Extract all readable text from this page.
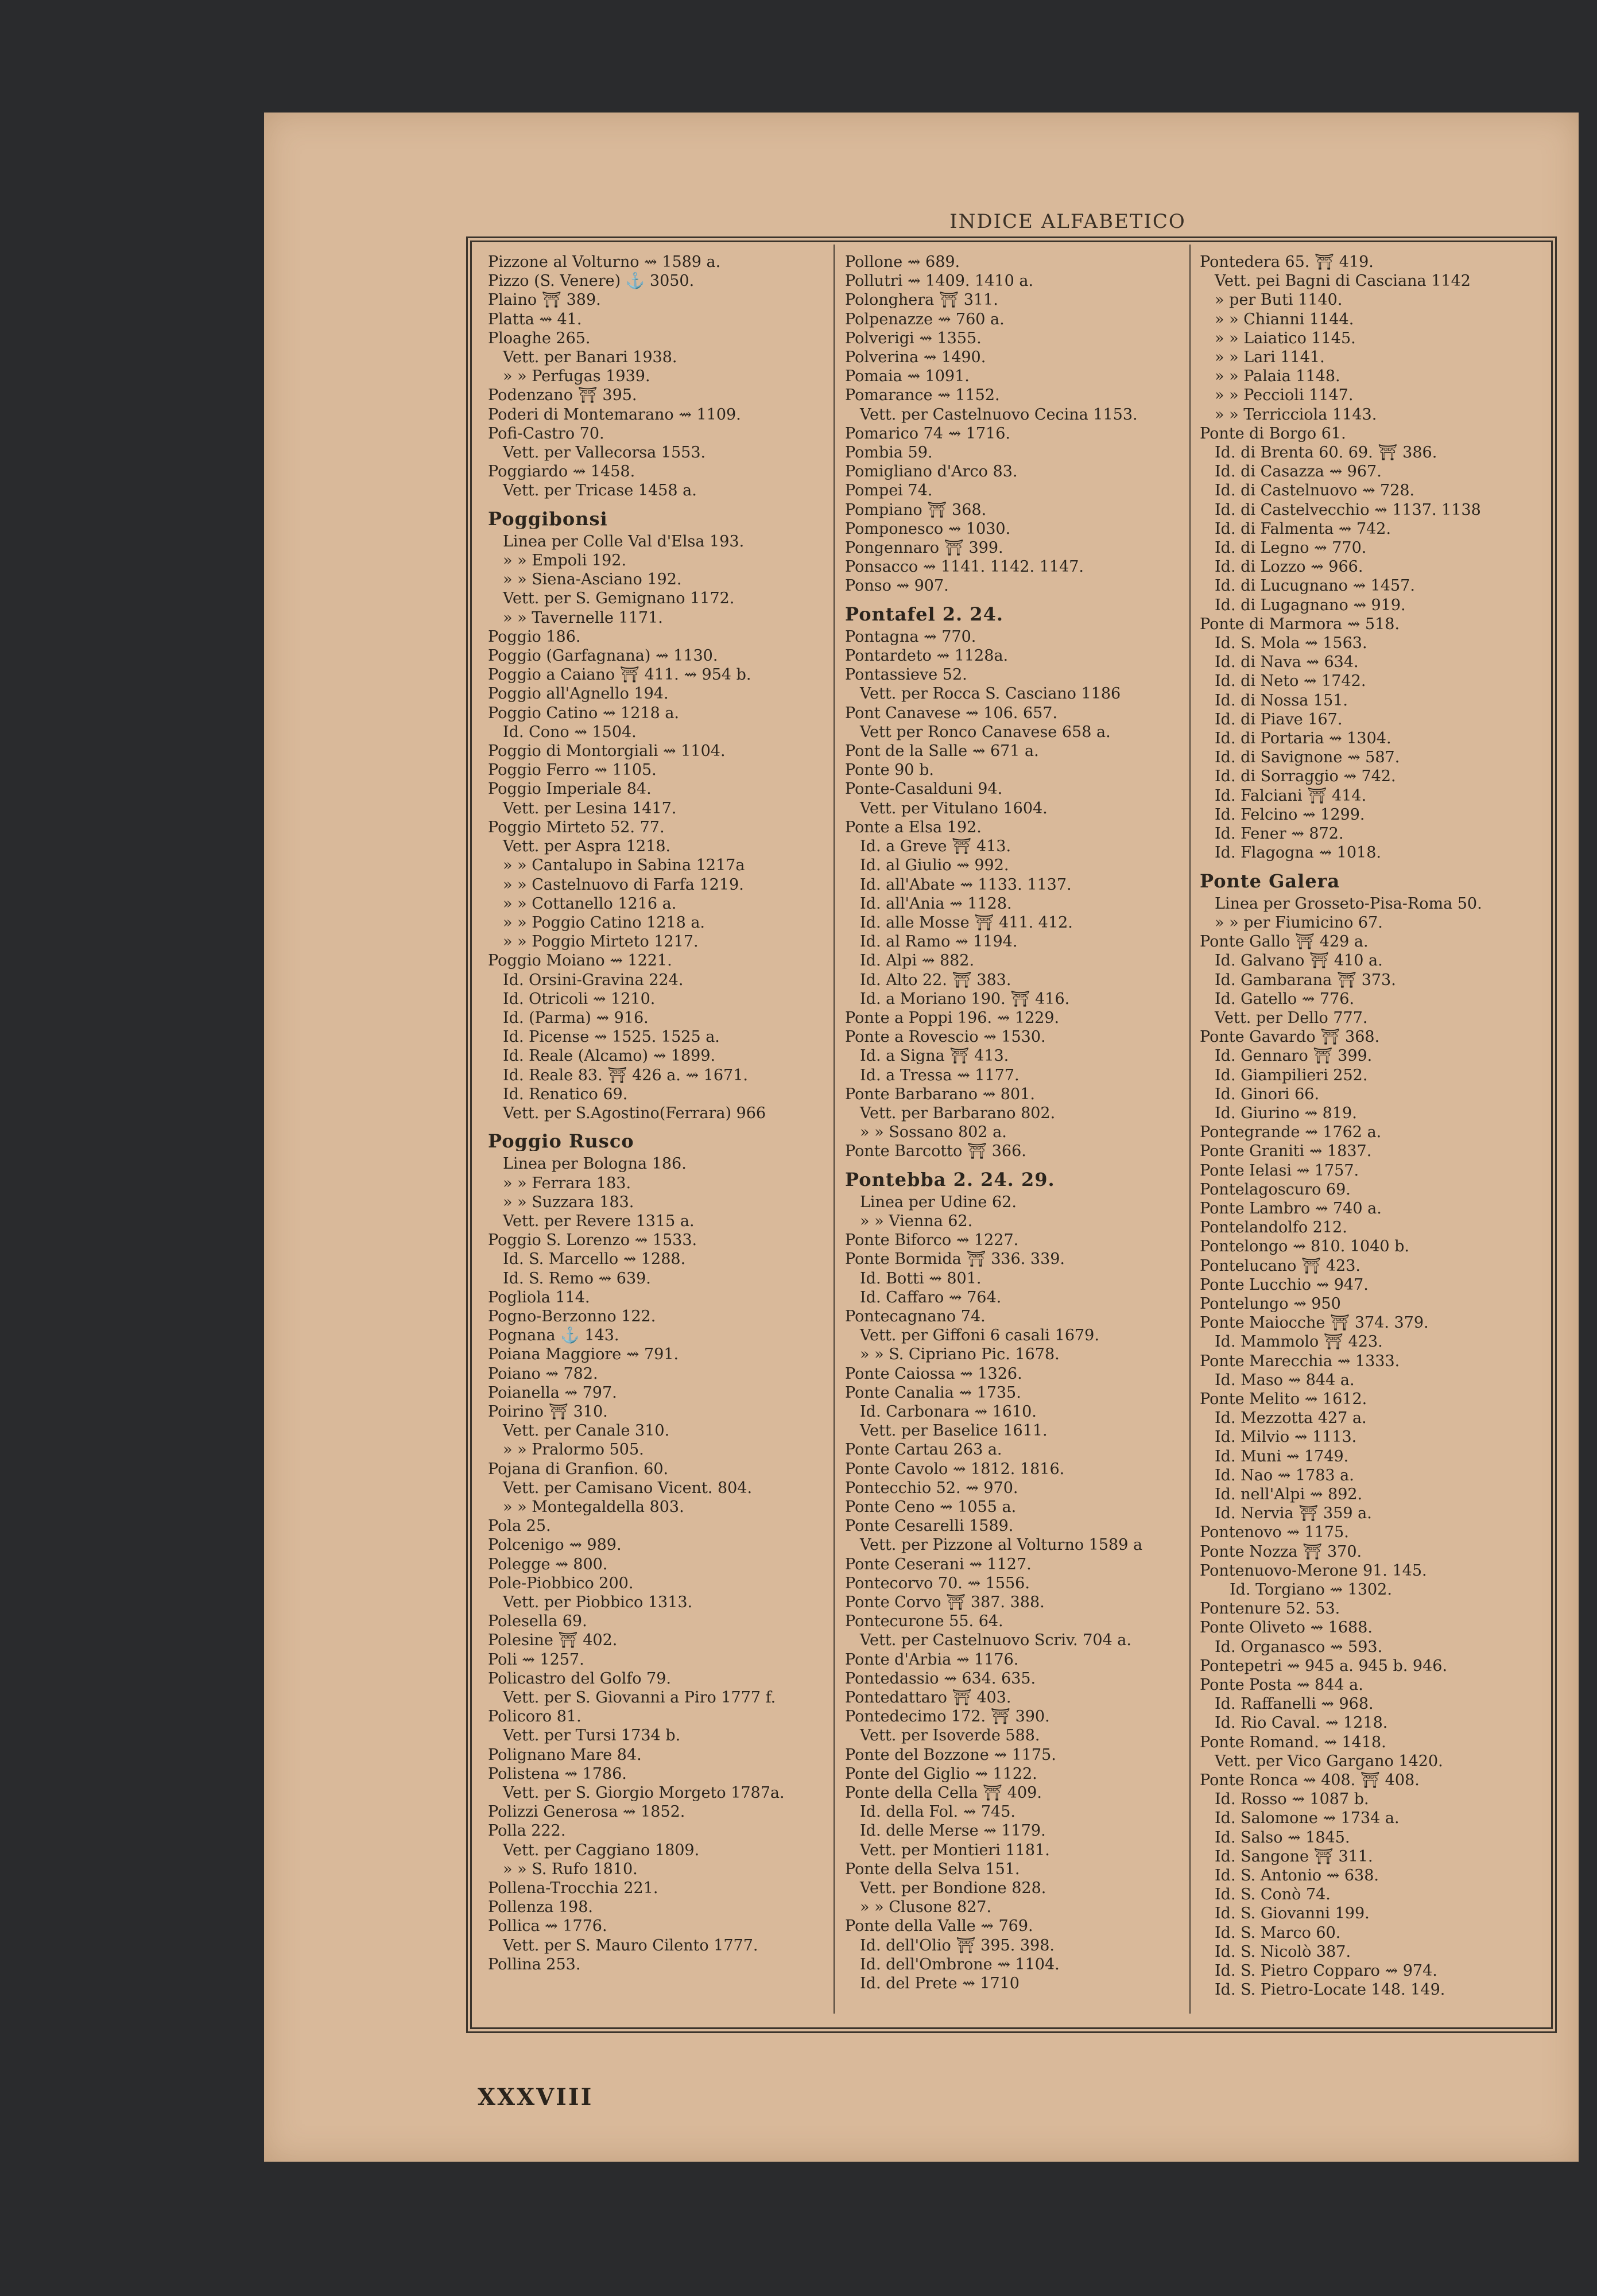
INDICE ALFABETICO
Pizzone al Volturno ⇝ 1589 a.
Pizzo (S. Venere) ⚓ 3050.
Plaino ⛩ 389.
Platta ⇝ 41.
Ploaghe 265.
Vett. per Banari 1938.
» » Perfugas 1939.
Podenzano ⛩ 395.
Poderi di Montemarano ⇝ 1109.
Pofi-Castro 70.
Vett. per Vallecorsa 1553.
Poggiardo ⇝ 1458.
Vett. per Tricase 1458 a.
Poggibonsi
Linea per Colle Val d'Elsa 193.
» » Empoli 192.
» » Siena-Asciano 192.
Vett. per S. Gemignano 1172.
» » Tavernelle 1171.
Poggio 186.
Poggio (Garfagnana) ⇝ 1130.
Poggio a Caiano ⛩ 411. ⇝ 954 b.
Poggio all'Agnello 194.
Poggio Catino ⇝ 1218 a.
Id. Cono ⇝ 1504.
Poggio di Montorgiali ⇝ 1104.
Poggio Ferro ⇝ 1105.
Poggio Imperiale 84.
Vett. per Lesina 1417.
Poggio Mirteto 52. 77.
Vett. per Aspra 1218.
» » Cantalupo in Sabina 1217a
» » Castelnuovo di Farfa 1219.
» » Cottanello 1216 a.
» » Poggio Catino 1218 a.
» » Poggio Mirteto 1217.
Poggio Moiano ⇝ 1221.
Id. Orsini-Gravina 224.
Id. Otricoli ⇝ 1210.
Id. (Parma) ⇝ 916.
Id. Picense ⇝ 1525. 1525 a.
Id. Reale (Alcamo) ⇝ 1899.
Id. Reale 83. ⛩ 426 a. ⇝ 1671.
Id. Renatico 69.
Vett. per S.Agostino(Ferrara) 966
Poggio Rusco
Linea per Bologna 186.
» » Ferrara 183.
» » Suzzara 183.
Vett. per Revere 1315 a.
Poggio S. Lorenzo ⇝ 1533.
Id. S. Marcello ⇝ 1288.
Id. S. Remo ⇝ 639.
Pogliola 114.
Pogno-Berzonno 122.
Pognana ⚓ 143.
Poiana Maggiore ⇝ 791.
Poiano ⇝ 782.
Poianella ⇝ 797.
Poirino ⛩ 310.
Vett. per Canale 310.
» » Pralormo 505.
Pojana di Granfion. 60.
Vett. per Camisano Vicent. 804.
» » Montegaldella 803.
Pola 25.
Polcenigo ⇝ 989.
Polegge ⇝ 800.
Pole-Piobbico 200.
Vett. per Piobbico 1313.
Polesella 69.
Polesine ⛩ 402.
Poli ⇝ 1257.
Policastro del Golfo 79.
Vett. per S. Giovanni a Piro 1777 f.
Policoro 81.
Vett. per Tursi 1734 b.
Polignano Mare 84.
Polistena ⇝ 1786.
Vett. per S. Giorgio Morgeto 1787a.
Polizzi Generosa ⇝ 1852.
Polla 222.
Vett. per Caggiano 1809.
» » S. Rufo 1810.
Pollena-Trocchia 221.
Pollenza 198.
Pollica ⇝ 1776.
Vett. per S. Mauro Cilento 1777.
Pollina 253.
Pollone ⇝ 689.
Pollutri ⇝ 1409. 1410 a.
Polonghera ⛩ 311.
Polpenazze ⇝ 760 a.
Polverigi ⇝ 1355.
Polverina ⇝ 1490.
Pomaia ⇝ 1091.
Pomarance ⇝ 1152.
Vett. per Castelnuovo Cecina 1153.
Pomarico 74 ⇝ 1716.
Pombia 59.
Pomigliano d'Arco 83.
Pompei 74.
Pompiano ⛩ 368.
Pomponesco ⇝ 1030.
Pongennaro ⛩ 399.
Ponsacco ⇝ 1141. 1142. 1147.
Ponso ⇝ 907.
Pontafel 2. 24.
Pontagna ⇝ 770.
Pontardeto ⇝ 1128a.
Pontassieve 52.
Vett. per Rocca S. Casciano 1186
Pont Canavese ⇝ 106. 657.
Vett per Ronco Canavese 658 a.
Pont de la Salle ⇝ 671 a.
Ponte 90 b.
Ponte-Casalduni 94.
Vett. per Vitulano 1604.
Ponte a Elsa 192.
Id. a Greve ⛩ 413.
Id. al Giulio ⇝ 992.
Id. all'Abate ⇝ 1133. 1137.
Id. all'Ania ⇝ 1128.
Id. alle Mosse ⛩ 411. 412.
Id. al Ramo ⇝ 1194.
Id. Alpi ⇝ 882.
Id. Alto 22. ⛩ 383.
Id. a Moriano 190. ⛩ 416.
Ponte a Poppi 196. ⇝ 1229.
Ponte a Rovescio ⇝ 1530.
Id. a Signa ⛩ 413.
Id. a Tressa ⇝ 1177.
Ponte Barbarano ⇝ 801.
Vett. per Barbarano 802.
» » Sossano 802 a.
Ponte Barcotto ⛩ 366.
Pontebba 2. 24. 29.
Linea per Udine 62.
» » Vienna 62.
Ponte Biforco ⇝ 1227.
Ponte Bormida ⛩ 336. 339.
Id. Botti ⇝ 801.
Id. Caffaro ⇝ 764.
Pontecagnano 74.
Vett. per Giffoni 6 casali 1679.
» » S. Cipriano Pic. 1678.
Ponte Caiossa ⇝ 1326.
Ponte Canalia ⇝ 1735.
Id. Carbonara ⇝ 1610.
Vett. per Baselice 1611.
Ponte Cartau 263 a.
Ponte Cavolo ⇝ 1812. 1816.
Pontecchio 52. ⇝ 970.
Ponte Ceno ⇝ 1055 a.
Ponte Cesarelli 1589.
Vett. per Pizzone al Volturno 1589 a
Ponte Ceserani ⇝ 1127.
Pontecorvo 70. ⇝ 1556.
Ponte Corvo ⛩ 387. 388.
Pontecurone 55. 64.
Vett. per Castelnuovo Scriv. 704 a.
Ponte d'Arbia ⇝ 1176.
Pontedassio ⇝ 634. 635.
Pontedattaro ⛩ 403.
Pontedecimo 172. ⛩ 390.
Vett. per Isoverde 588.
Ponte del Bozzone ⇝ 1175.
Ponte del Giglio ⇝ 1122.
Ponte della Cella ⛩ 409.
Id. della Fol. ⇝ 745.
Id. delle Merse ⇝ 1179.
Vett. per Montieri 1181.
Ponte della Selva 151.
Vett. per Bondione 828.
» » Clusone 827.
Ponte della Valle ⇝ 769.
Id. dell'Olio ⛩ 395. 398.
Id. dell'Ombrone ⇝ 1104.
Id. del Prete ⇝ 1710
Pontedera 65. ⛩ 419.
Vett. pei Bagni di Casciana 1142
» per Buti 1140.
» » Chianni 1144.
» » Laiatico 1145.
» » Lari 1141.
» » Palaia 1148.
» » Peccioli 1147.
» » Terricciola 1143.
Ponte di Borgo 61.
Id. di Brenta 60. 69. ⛩ 386.
Id. di Casazza ⇝ 967.
Id. di Castelnuovo ⇝ 728.
Id. di Castelvecchio ⇝ 1137. 1138
Id. di Falmenta ⇝ 742.
Id. di Legno ⇝ 770.
Id. di Lozzo ⇝ 966.
Id. di Lucugnano ⇝ 1457.
Id. di Lugagnano ⇝ 919.
Ponte di Marmora ⇝ 518.
Id. S. Mola ⇝ 1563.
Id. di Nava ⇝ 634.
Id. di Neto ⇝ 1742.
Id. di Nossa 151.
Id. di Piave 167.
Id. di Portaria ⇝ 1304.
Id. di Savignone ⇝ 587.
Id. di Sorraggio ⇝ 742.
Id. Falciani ⛩ 414.
Id. Felcino ⇝ 1299.
Id. Fener ⇝ 872.
Id. Flagogna ⇝ 1018.
Ponte Galera
Linea per Grosseto-Pisa-Roma 50.
» » per Fiumicino 67.
Ponte Gallo ⛩ 429 a.
Id. Galvano ⛩ 410 a.
Id. Gambarana ⛩ 373.
Id. Gatello ⇝ 776.
Vett. per Dello 777.
Ponte Gavardo ⛩ 368.
Id. Gennaro ⛩ 399.
Id. Giampilieri 252.
Id. Ginori 66.
Id. Giurino ⇝ 819.
Pontegrande ⇝ 1762 a.
Ponte Graniti ⇝ 1837.
Ponte Ielasi ⇝ 1757.
Pontelagoscuro 69.
Ponte Lambro ⇝ 740 a.
Pontelandolfo 212.
Pontelongo ⇝ 810. 1040 b.
Pontelucano ⛩ 423.
Ponte Lucchio ⇝ 947.
Pontelungo ⇝ 950
Ponte Maiocche ⛩ 374. 379.
Id. Mammolo ⛩ 423.
Ponte Marecchia ⇝ 1333.
Id. Maso ⇝ 844 a.
Ponte Melito ⇝ 1612.
Id. Mezzotta 427 a.
Id. Milvio ⇝ 1113.
Id. Muni ⇝ 1749.
Id. Nao ⇝ 1783 a.
Id. nell'Alpi ⇝ 892.
Id. Nervia ⛩ 359 a.
Pontenovo ⇝ 1175.
Ponte Nozza ⛩ 370.
Pontenuovo-Merone 91. 145.
Id. Torgiano ⇝ 1302.
Pontenure 52. 53.
Ponte Oliveto ⇝ 1688.
Id. Organasco ⇝ 593.
Pontepetri ⇝ 945 a. 945 b. 946.
Ponte Posta ⇝ 844 a.
Id. Raffanelli ⇝ 968.
Id. Rio Caval. ⇝ 1218.
Ponte Romand. ⇝ 1418.
Vett. per Vico Gargano 1420.
Ponte Ronca ⇝ 408. ⛩ 408.
Id. Rosso ⇝ 1087 b.
Id. Salomone ⇝ 1734 a.
Id. Salso ⇝ 1845.
Id. Sangone ⛩ 311.
Id. S. Antonio ⇝ 638.
Id. S. Conò 74.
Id. S. Giovanni 199.
Id. S. Marco 60.
Id. S. Nicolò 387.
Id. S. Pietro Copparo ⇝ 974.
Id. S. Pietro-Locate 148. 149.
XXXVIII
